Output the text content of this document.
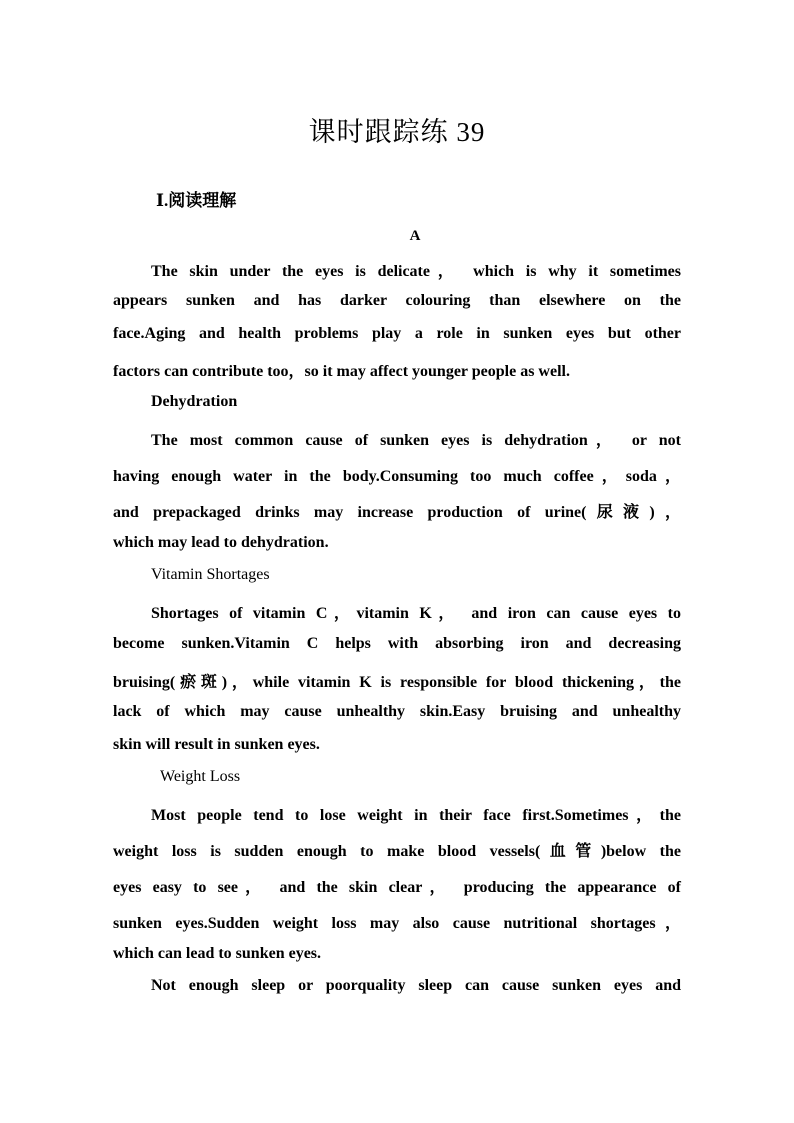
课时跟踪练 39
Ⅰ.阅读理解
A
The skin under the eyes is delicate， which is why it sometimes
appears sunken and has darker colouring than elsewhere on the
face.Aging and health problems play a role in sunken eyes but other
factors can contribute too，so it may affect younger people as well.
Dehydration
The most common cause of sunken eyes is dehydration， or not
having enough water in the body.Consuming too much coffee，soda，
and prepackaged drinks may increase production of urine(尿液)，
which may lead to dehydration.
Vitamin Shortages
Shortages of vitamin C，vitamin K， and iron can cause eyes to
become sunken.Vitamin C helps with absorbing iron and decreasing
bruising(瘀斑)，while vitamin K is responsible for blood thickening，the
lack of which may cause unhealthy skin.Easy bruising and unhealthy
skin will result in sunken eyes.
Weight Loss
Most people tend to lose weight in their face first.Sometimes，the
weight loss is sudden enough to make blood vessels(血管)below the
eyes easy to see， and the skin clear， producing the appearance of
sunken eyes.Sudden weight loss may also cause nutritional shortages，
which can lead to sunken eyes.
Not enough sleep or poorquality sleep can cause sunken eyes and
